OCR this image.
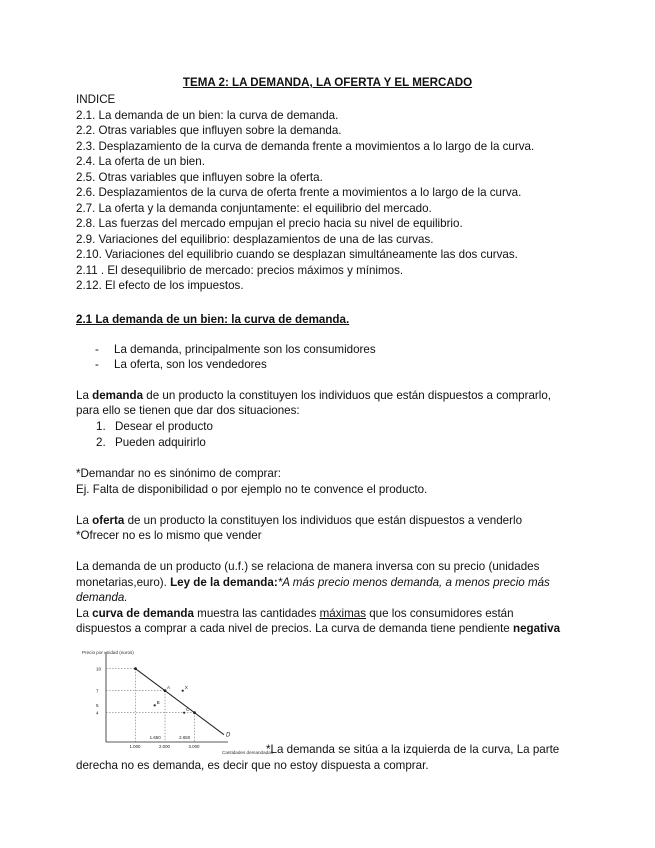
TEMA 2: LA DEMANDA, LA OFERTA Y EL MERCADO
INDICE
2.1. La demanda de un bien: la curva de demanda.
2.2. Otras variables que influyen sobre la demanda.
2.3. Desplazamiento de la curva de demanda frente a movimientos a lo largo de la curva.
2.4. La oferta de un bien.
2.5. Otras variables que influyen sobre la oferta.
2.6. Desplazamientos de la curva de oferta frente a movimientos a lo largo de la curva.
2.7. La oferta y la demanda conjuntamente: el equilibrio del mercado.
2.8. Las fuerzas del mercado empujan el precio hacia su nivel de equilibrio.
2.9. Variaciones del equilibrio: desplazamientos de una de las curvas.
2.10. Variaciones del equilibrio cuando se desplazan simultáneamente las dos curvas.
2.11 . El desequilibrio de mercado: precios máximos y mínimos.
2.12. El efecto de los impuestos.
2.1 La demanda de un bien: la curva de demanda.
- La demanda, principalmente son los consumidores
- La oferta, son los vendedores
La demanda de un producto la constituyen los individuos que están dispuestos a comprarlo,
para ello se tienen que dar dos situaciones:
1. Desear el producto
2. Pueden adquirirlo
*Demandar no es sinónimo de comprar:
Ej. Falta de disponibilidad o por ejemplo no te convence el producto.
La oferta de un producto la constituyen los individuos que están dispuestos a venderlo
*Ofrecer no es lo mismo que vender
La demanda de un producto (u.f.) se relaciona de manera inversa con su precio (unidades
monetarias,euro). Ley de la demanda:*A más precio menos demanda, a menos precio más
demanda.
La curva de demanda muestra las cantidades máximas que los consumidores están
dispuestos a comprar a cada nivel de precios. La curva de demanda tiene pendiente negativa
Precio por unidad (euros)
Cantidades demandadas
D
A
B
C
X
10
7
5
4
1.000	2.000	3.000
1.650	2.650
*La demanda se sitúa a la izquierda de la curva, La parte
derecha no es demanda, es decir que no estoy dispuesta a comprar.
